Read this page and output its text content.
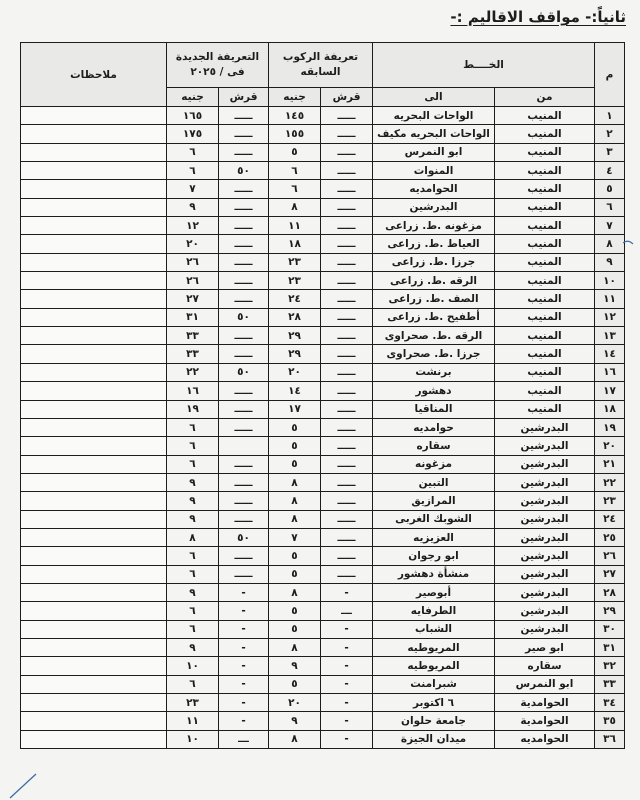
ثانياً:- مواقف الاقاليم :-
م	الخــــط		تعريفة الركوب السابقه		التعريفة الجديدة فى / ٢٠٢٥		ملاحظات
	من	الى	قرش	جنيه	قرش	جنيه	

١	المنيب	الواحات البحريه	ـــــ	١٤٥	ـــــ	١٦٥	
٢	المنيب	الواحات البحريه مكيف	ـــــ	١٥٥	ـــــ	١٧٥	
٣	المنيب	ابو النمرس	ـــــ	٥	ـــــ	٦	
٤	المنيب	المنوات	ـــــ	٦	٥٠	٦	
٥	المنيب	الحوامديه	ـــــ	٦	ـــــ	٧	
٦	المنيب	البدرشين	ـــــ	٨	ـــــ	٩	
٧	المنيب	مزغونه .ط. زراعى	ـــــ	١١	ـــــ	١٢	
٨	المنيب	العياط .ط. زراعى	ـــــ	١٨	ـــــ	٢٠	
٩	المنيب	جرزا .ط. زراعى	ـــــ	٢٣	ـــــ	٢٦	
١٠	المنيب	الرقه .ط. زراعى	ـــــ	٢٣	ـــــ	٢٦	
١١	المنيب	الصف .ط. زراعى	ـــــ	٢٤	ـــــ	٢٧	
١٢	المنيب	أطفيح .ط. زراعى	ـــــ	٢٨	٥٠	٣١	
١٣	المنيب	الرقه .ط. صحراوى	ـــــ	٢٩	ـــــ	٣٣	
١٤	المنيب	جرزا .ط. صحراوى	ـــــ	٢٩	ـــــ	٣٣	
١٦	المنيب	برنشت	ـــــ	٢٠	٥٠	٢٢	
١٧	المنيب	دهشور	ـــــ	١٤	ـــــ	١٦	
١٨	المنيب	المناقيا	ـــــ	١٧	ـــــ	١٩	
١٩	البدرشين	حوامديه	ـــــ	٥	ـــــ	٦	
٢٠	البدرشين	سقاره	ـــــ	٥		٦	
٢١	البدرشين	مزغونه	ـــــ	٥	ـــــ	٦	
٢٢	البدرشين	التبين	ـــــ	٨	ـــــ	٩	
٢٣	البدرشين	المرازيق	ـــــ	٨	ـــــ	٩	
٢٤	البدرشين	الشوبك الغربى	ـــــ	٨	ـــــ	٩	
٢٥	البدرشين	العزيزيه	ـــــ	٧	٥٠	٨	
٢٦	البدرشين	ابو رجوان	ـــــ	٥	ـــــ	٦	
٢٧	البدرشين	منشأة دهشور	ـــــ	٥	ـــــ	٦	
٢٨	البدرشين	أبوصير	-	٨	-	٩	
٢٩	البدرشين	الطرفايه	ـــ	٥	-	٦	
٣٠	البدرشين	الشباب	-	٥	-	٦	
٣١	ابو صير	المريوطيه	-	٨	-	٩	
٣٢	سقاره	المريوطيه	-	٩	-	١٠	
٣٣	ابو النمرس	شبرامنت	-	٥	-	٦	
٣٤	الحوامدية	٦ اكتوبر	-	٢٠	-	٢٣	
٣٥	الحوامدية	جامعة حلوان	-	٩	-	١١	
٣٦	الحوامديه	ميدان الجيزة	-	٨	ـــ	١٠	
